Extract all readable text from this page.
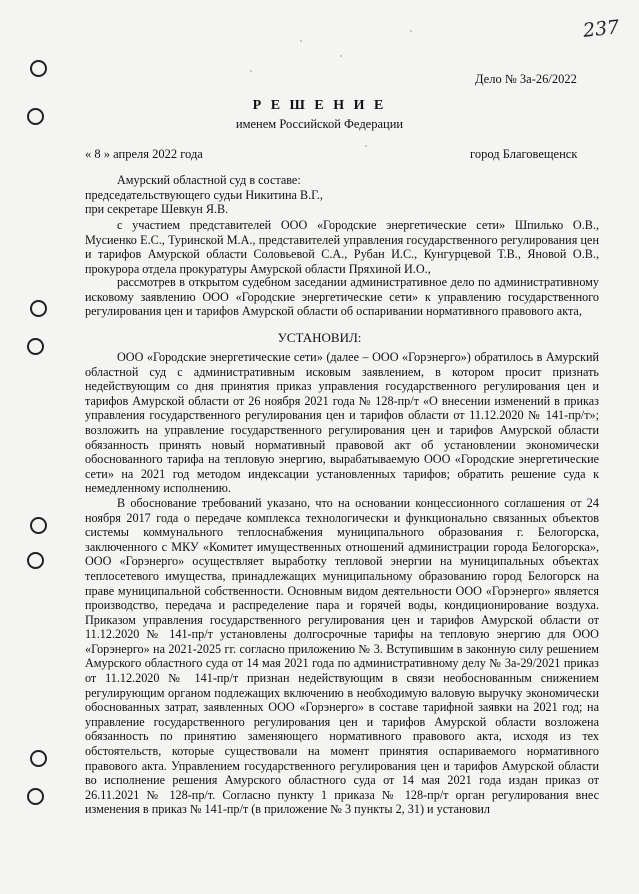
237
Дело № 3а-26/2022
Р Е Ш Е Н И Е
именем Российской Федерации
« 8 » апреля 2022 года	город Благовещенск

Амурский областной суд в составе:

председательствующего судьи Никитина В.Г.,

при секретаре Шевкун Я.В.

с участием представителей ООО «Городские энергетические сети» Шпилько О.В., Мусиенко Е.С., Туринской М.А., представителей управления государственного регулирования цен и тарифов Амурской области Соловьевой С.А., Рубан И.С., Кунгурцевой Т.В., Яновой О.В., прокурора отдела прокуратуры Амурской области Пряхиной И.О.,

рассмотрев в открытом судебном заседании административное дело по административному исковому заявлению ООО «Городские энергетические сети» к управлению государственного регулирования цен и тарифов Амурской области об оспаривании нормативного правового акта,

УСТАНОВИЛ:

ООО «Городские энергетические сети» (далее – ООО «Горэнерго») обратилось в Амурский областной суд с административным исковым заявлением, в котором просит признать недействующим со дня принятия приказ управления государственного регулирования цен и тарифов Амурской области от 26 ноября 2021 года № 128-пр/т «О внесении изменений в приказ управления государственного регулирования цен и тарифов области от 11.12.2020 № 141-пр/т»; возложить на управление государственного регулирования цен и тарифов Амурской области обязанность принять новый нормативный правовой акт об установлении экономически обоснованного тарифа на тепловую энергию, вырабатываемую ООО «Городские энергетические сети» на 2021 год методом индексации установленных тарифов; обратить решение суда к немедленному исполнению.

В обоснование требований указано, что на основании концессионного соглашения от 24 ноября 2017 года о передаче комплекса технологически и функционально связанных объектов системы коммунального теплоснабжения муниципального образования г. Белогорска, заключенного с МКУ «Комитет имущественных отношений администрации города Белогорска», ООО «Горэнерго» осуществляет выработку тепловой энергии на муниципальных объектах теплосетевого имущества, принадлежащих муниципальному образованию город Белогорск на праве муниципальной собственности. Основным видом деятельности ООО «Горэнерго» является производство, передача и распределение пара и горячей воды, кондиционирование воздуха. Приказом управления государственного регулирования цен и тарифов Амурской области от 11.12.2020 № 141-пр/т установлены долгосрочные тарифы на тепловую энергию для ООО «Горэнерго» на 2021-2025 гг. согласно приложению № 3. Вступившим в законную силу решением Амурского областного суда от 14 мая 2021 года по административному делу № 3а-29/2021 приказ от 11.12.2020 № 141-пр/т признан недействующим в связи необоснованным снижением регулирующим органом подлежащих включению в необходимую валовую выручку экономически обоснованных затрат, заявленных ООО «Горэнерго» в составе тарифной заявки на 2021 год; на управление государственного регулирования цен и тарифов Амурской области возложена обязанность по принятию заменяющего нормативного правового акта, исходя из тех обстоятельств, которые существовали на момент принятия оспариваемого нормативного правового акта. Управлением государственного регулирования цен и тарифов Амурской области во исполнение решения Амурского областного суда от 14 мая 2021 года издан приказ от 26.11.2021 № 128-пр/т. Согласно пункту 1 приказа № 128-пр/т орган регулирования внес изменения в приказ № 141-пр/т (в приложение № 3 пункты 2, 31) и установил
